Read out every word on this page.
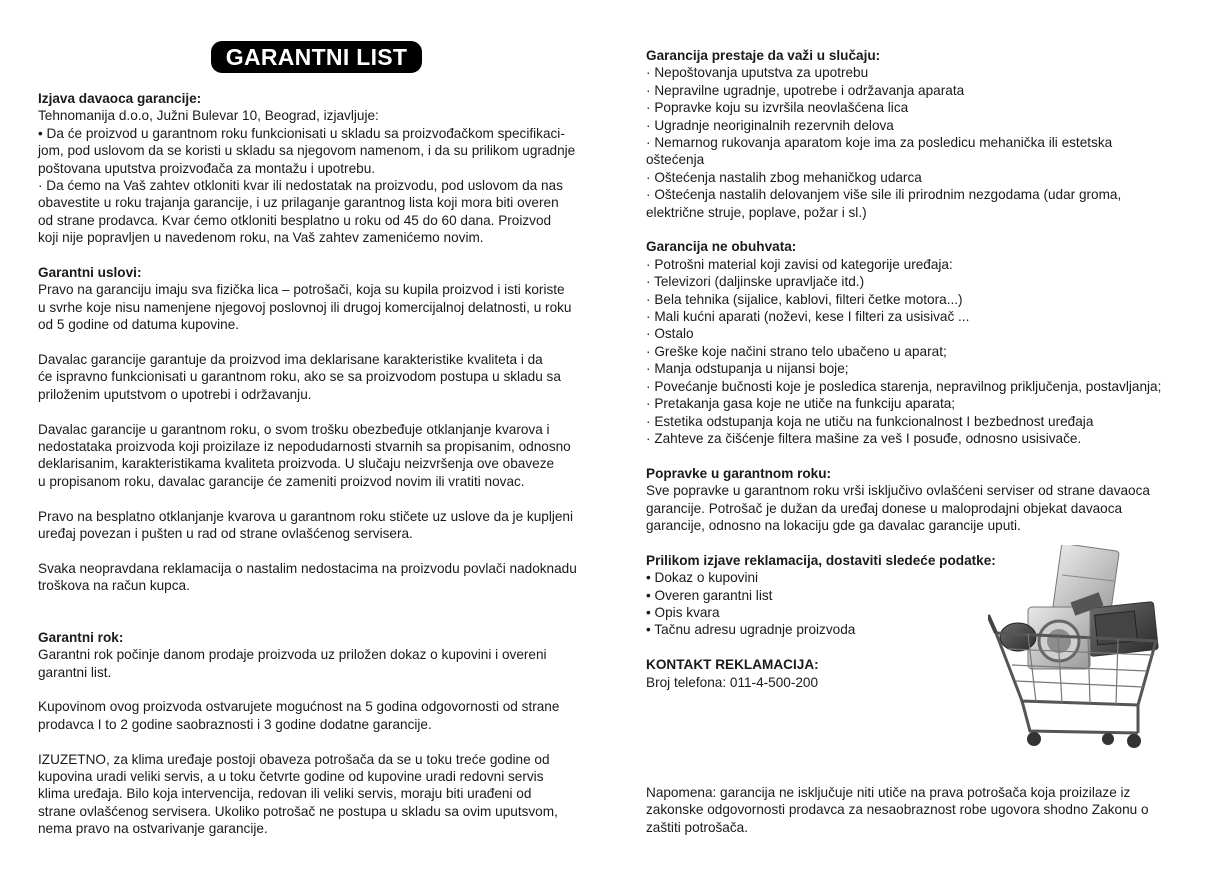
GARANTNI LIST

Izjava davaoca garancije:

Tehnomanija d.o.o, Južni Bulevar 10, Beograd, izjavljuje:

• Da će proizvod u garantnom roku funkcionisati u skladu sa proizvođačkom specifikaci-

jom, pod uslovom da se koristi u skladu sa njegovom namenom, i da su prilikom ugradnje

poštovana uputstva proizvođača za montažu i upotrebu.

· Da ćemo na Vaš zahtev otkloniti kvar ili nedostatak na proizvodu, pod uslovom da nas

obavestite u roku trajanja garancije, i uz prilaganje garantnog lista koji mora biti overen

od strane prodavca. Kvar ćemo otkloniti besplatno u roku od 45 do 60 dana. Proizvod

koji nije popravljen u navedenom roku, na Vaš zahtev zamenićemo novim.

Garantni uslovi:

Pravo na garanciju imaju sva fizička lica – potrošači, koja su kupila proizvod i isti koriste

u svrhe koje nisu namenjene njegovoj poslovnoj ili drugoj komercijalnoj delatnosti, u roku

od 5 godine od datuma kupovine.

Davalac garancije garantuje da proizvod ima deklarisane karakteristike kvaliteta i da

će ispravno funkcionisati u garantnom roku, ako se sa proizvodom postupa u skladu sa

priloženim uputstvom o upotrebi i održavanju.

Davalac garancije u garantnom roku, o svom trošku obezbeđuje otklanjanje kvarova i

nedostataka proizvoda koji proizilaze iz nepodudarnosti stvarnih sa propisanim, odnosno

deklarisanim, karakteristikama kvaliteta proizvoda. U slučaju neizvršenja ove obaveze

u propisanom roku, davalac garancije će zameniti proizvod novim ili vratiti novac.

Pravo na besplatno otklanjanje kvarova u garantnom roku stičete uz uslove da je kupljeni

uređaj povezan i pušten u rad od strane ovlašćenog servisera.

Svaka neopravdana reklamacija o nastalim nedostacima na proizvodu povlači nadoknadu

troškova na račun kupca.

Garantni rok:

Garantni rok počinje danom prodaje proizvoda uz priložen dokaz o kupovini i overeni

garantni list.

Kupovinom ovog proizvoda ostvarujete mogućnost na 5 godina odgovornosti od strane

prodavca I to 2 godine saobraznosti i 3 godine dodatne garancije.

IZUZETNO, za klima uređaje postoji obaveza potrošača da se u toku treće godine od

kupovina uradi veliki servis, a u toku četvrte godine od kupovine uradi redovni servis

klima uređaja. Bilo koja intervencija, redovan ili veliki servis, moraju biti urađeni od

strane ovlašćenog servisera. Ukoliko potrošač ne postupa u skladu sa ovim uputsvom,

nema pravo na ostvarivanje garancije.

Garancija prestaje da važi u slučaju:

· Nepoštovanja uputstva za upotrebu
· Nepravilne ugradnje, upotrebe i održavanja aparata
· Popravke koju su izvršila neovlašćena lica
· Ugradnje neoriginalnih rezervnih delova
· Nemarnog rukovanja aparatom koje ima za posledicu mehanička ili estetska
oštećenja
· Oštećenja nastalih zbog mehaničkog udarca
· Oštećenja nastalih delovanjem više sile ili prirodnim nezgodama (udar groma,
električne struje, poplave, požar i sl.)

Garancija ne obuhvata:

· Potrošni material koji zavisi od kategorije uređaja:
· Televizori (daljinske upravljače itd.)
· Bela tehnika (sijalice, kablovi, filteri četke motora...)
· Mali kućni aparati (noževi, kese I filteri za usisivač ...
· Ostalo
· Greške koje načini strano telo ubačeno u aparat;
· Manja odstupanja u nijansi boje;
· Povećanje bučnosti koje je posledica starenja, nepravilnog priključenja, postavljanja;
· Pretakanja gasa koje ne utiče na funkciju aparata;
· Estetika odstupanja koja ne utiču na funkcionalnost I bezbednost uređaja
· Zahteve za čišćenje filtera mašine za veš I posuđe, odnosno usisivače.

Popravke u garantnom roku:

Sve popravke u garantnom roku vrši isključivo ovlašćeni serviser od strane davaoca

garancije. Potrošač je dužan da uređaj donese u maloprodajni objekat davaoca

garancije, odnosno na lokaciju gde ga davalac garancije uputi.

Prilikom izjave reklamacija, dostaviti sledeće podatke:

• Dokaz o kupovini
• Overen garantni list
• Opis kvara
• Tačnu adresu ugradnje proizvoda

KONTAKT REKLAMACIJA:

Broj telefona: 011-4-500-200

Napomena: garancija ne isključuje niti utiče na prava potrošača koja proizilaze iz

zakonske odgovornosti prodavca za nesaobraznost robe ugovora shodno Zakonu o

zaštiti potrošača.
